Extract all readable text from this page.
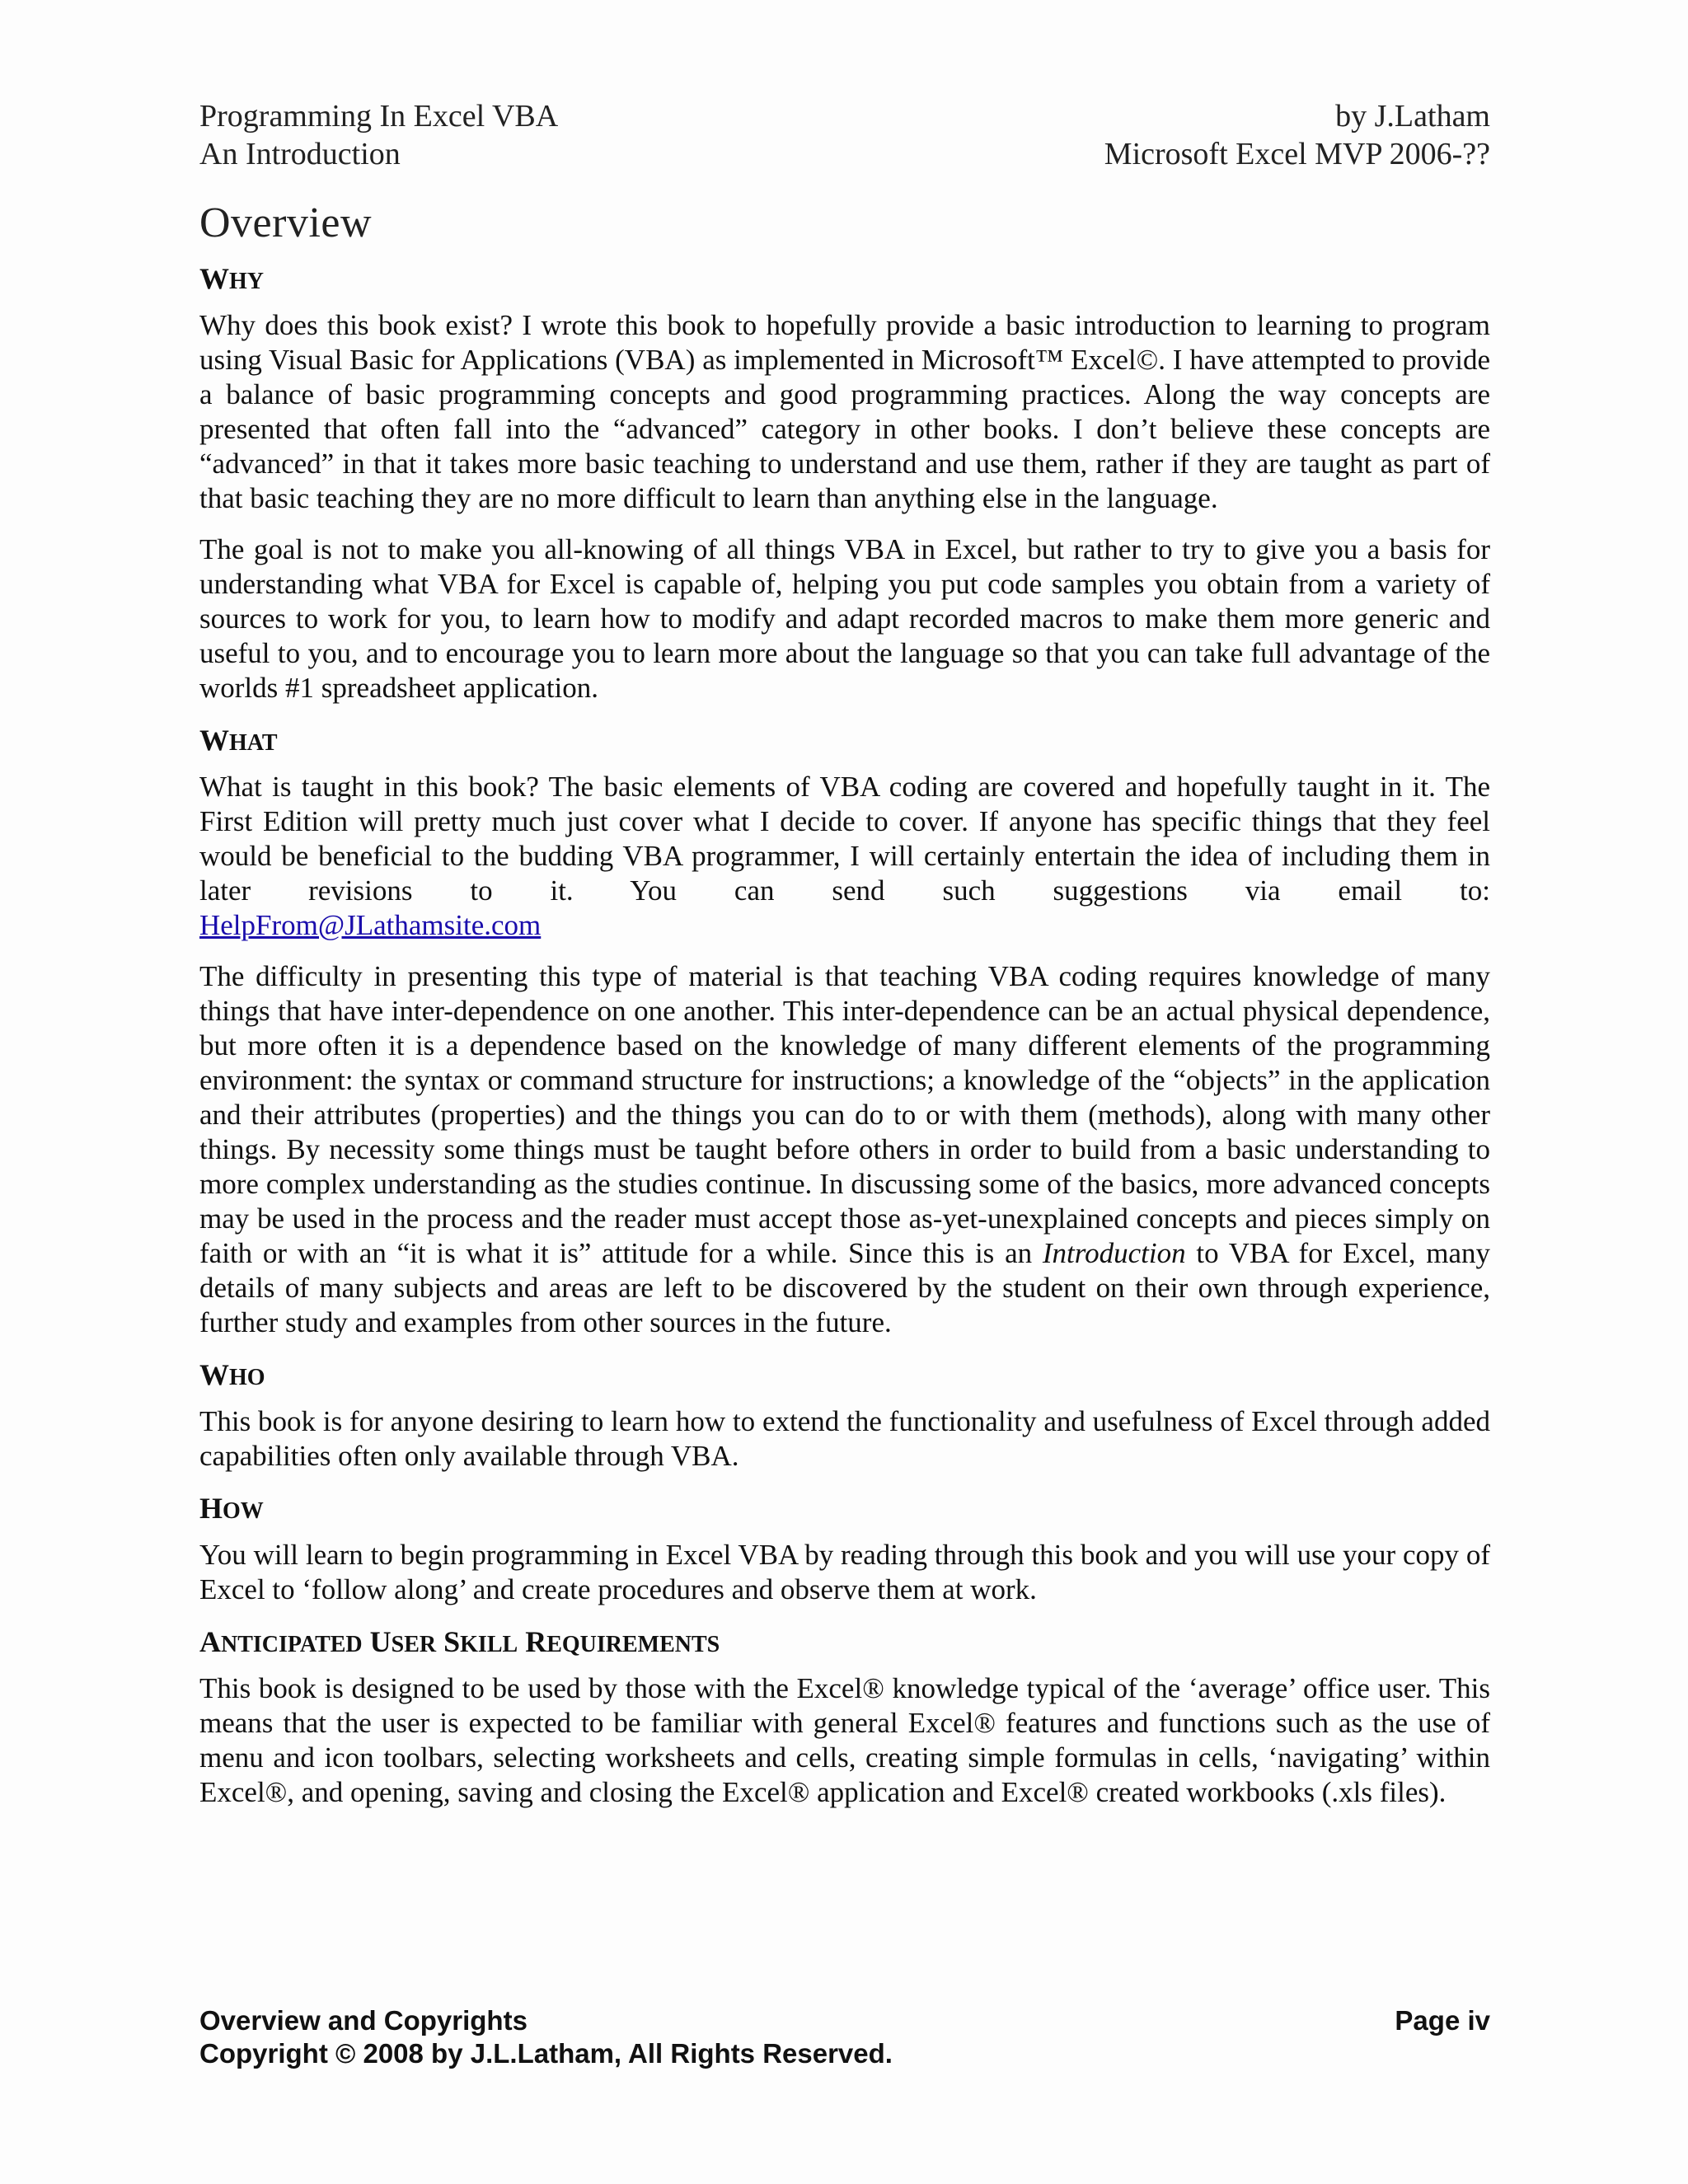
Programming In Excel VBA	by J.Latham
An Introduction	Microsoft Excel MVP 2006-??
Overview
WHY

Why does this book exist? I wrote this book to hopefully provide a basic introduction to learning to program using Visual Basic for Applications (VBA) as implemented in Microsoft™ Excel©. I have attempted to provide a balance of basic programming concepts and good programming practices. Along the way concepts are presented that often fall into the “advanced” category in other books. I don’t believe these concepts are “advanced” in that it takes more basic teaching to understand and use them, rather if they are taught as part of that basic teaching they are no more difficult to learn than anything else in the language.

The goal is not to make you all-knowing of all things VBA in Excel, but rather to try to give you a basis for understanding what VBA for Excel is capable of, helping you put code samples you obtain from a variety of sources to work for you, to learn how to modify and adapt recorded macros to make them more generic and useful to you, and to encourage you to learn more about the language so that you can take full advantage of the worlds #1 spreadsheet application.

WHAT

What is taught in this book? The basic elements of VBA coding are covered and hopefully taught in it. The First Edition will pretty much just cover what I decide to cover. If anyone has specific things that they feel would be beneficial to the budding VBA programmer, I will certainly entertain the idea of including them in later revisions to it. You can send such suggestions via email to:

HelpFrom@JLathamsite.com

The difficulty in presenting this type of material is that teaching VBA coding requires knowledge of many things that have inter-dependence on one another. This inter-dependence can be an actual physical dependence, but more often it is a dependence based on the knowledge of many different elements of the programming environment: the syntax or command structure for instructions; a knowledge of the “objects” in the application and their attributes (properties) and the things you can do to or with them (methods), along with many other things. By necessity some things must be taught before others in order to build from a basic understanding to more complex understanding as the studies continue. In discussing some of the basics, more advanced concepts may be used in the process and the reader must accept those as-yet-unexplained concepts and pieces simply on faith or with an “it is what it is” attitude for a while. Since this is an Introduction to VBA for Excel, many details of many subjects and areas are left to be discovered by the student on their own through experience, further study and examples from other sources in the future.

WHO

This book is for anyone desiring to learn how to extend the functionality and usefulness of Excel through added capabilities often only available through VBA.

HOW

You will learn to begin programming in Excel VBA by reading through this book and you will use your copy of Excel to ‘follow along’ and create procedures and observe them at work.

ANTICIPATED USER SKILL REQUIREMENTS

This book is designed to be used by those with the Excel® knowledge typical of the ‘average’ office user. This means that the user is expected to be familiar with general Excel® features and functions such as the use of menu and icon toolbars, selecting worksheets and cells, creating simple formulas in cells, ‘navigating’ within Excel®, and opening, saving and closing the Excel® application and Excel® created workbooks (.xls files).

Overview and Copyrights	Page iv
Copyright © 2008 by J.L.Latham, All Rights Reserved.
